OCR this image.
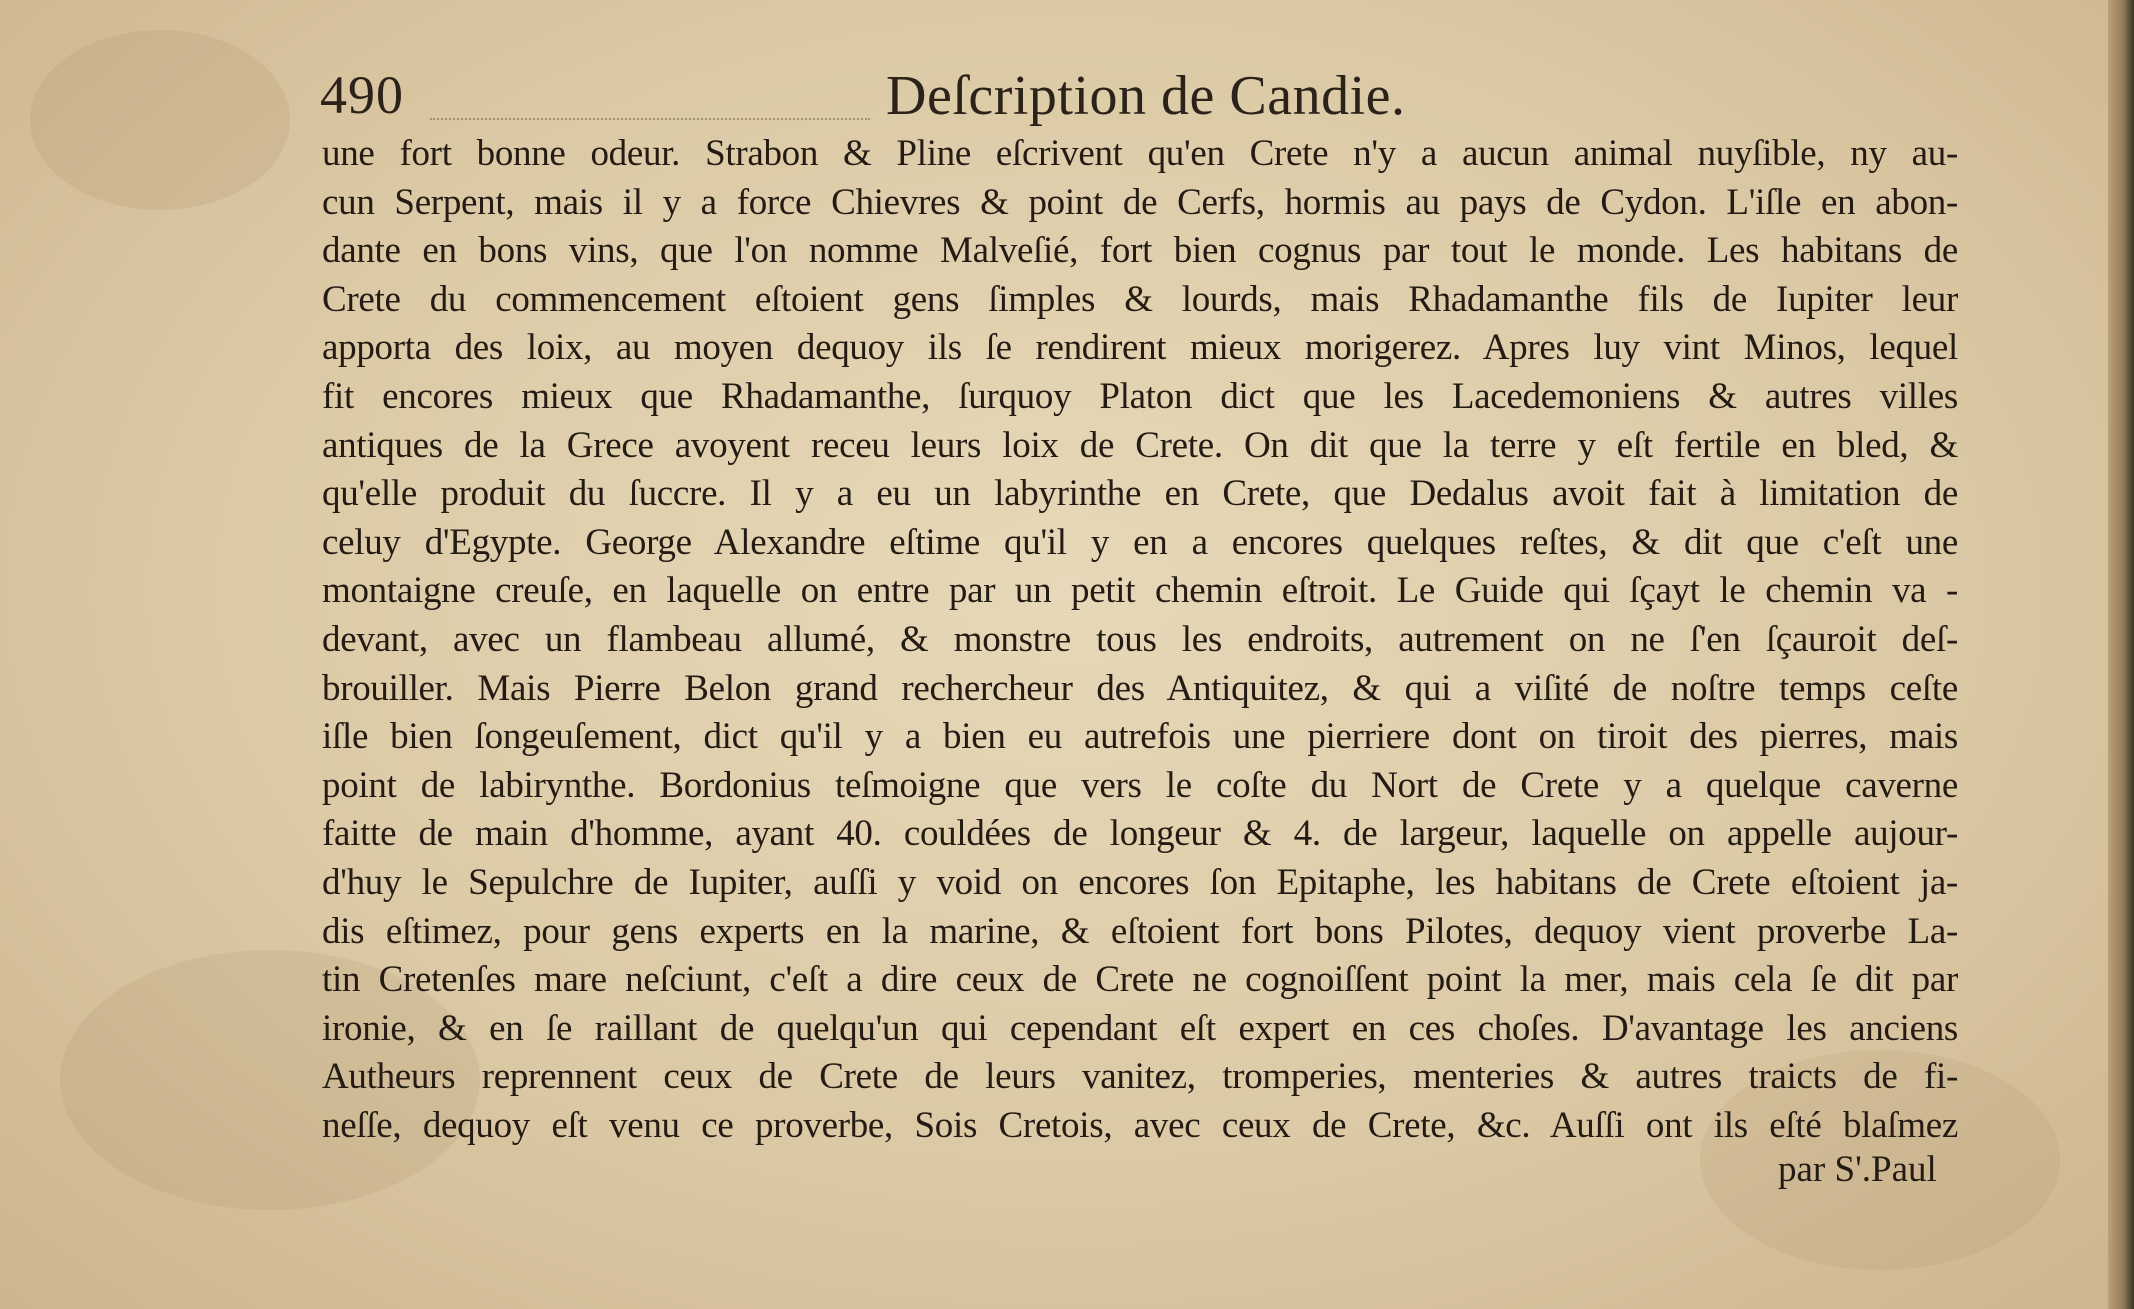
490	Deſcription de Candie.
une fort bonne odeur. Strabon & Pline eſcrivent qu'en Crete n'y a aucun animal nuyſible, ny au-
cun Serpent, mais il y a force Chievres & point de Cerfs, hormis au pays de Cydon. L'iſle en abon-
dante en bons vins, que l'on nomme Malveſié, fort bien cognus par tout le monde. Les habitans de
Crete du commencement eſtoient gens ſimples & lourds, mais Rhadamanthe fils de Iupiter leur
apporta des loix, au moyen dequoy ils ſe rendirent mieux morigerez. Apres luy vint Minos, lequel
fit encores mieux que Rhadamanthe, ſurquoy Platon dict que les Lacedemoniens & autres villes
antiques de la Grece avoyent receu leurs loix de Crete. On dit que la terre y eſt fertile en bled, &
qu'elle produit du ſuccre. Il y a eu un labyrinthe en Crete, que Dedalus avoit fait à limitation de
celuy d'Egypte. George Alexandre eſtime qu'il y en a encores quelques reſtes, & dit que c'eſt une
montaigne creuſe, en laquelle on entre par un petit chemin eſtroit. Le Guide qui ſçayt le chemin va -
devant, avec un flambeau allumé, & monstre tous les endroits, autrement on ne ſ'en ſçauroit deſ-
brouiller. Mais Pierre Belon grand rechercheur des Antiquitez, & qui a viſité de noſtre temps ceſte
iſle bien ſongeuſement, dict qu'il y a bien eu autrefois une pierriere dont on tiroit des pierres, mais
point de labirynthe. Bordonius teſmoigne que vers le coſte du Nort de Crete y a quelque caverne
faitte de main d'homme, ayant 40. couldées de longeur & 4. de largeur, laquelle on appelle aujour-
d'huy le Sepulchre de Iupiter, auſſi y void on encores ſon Epitaphe, les habitans de Crete eſtoient ja-
dis eſtimez, pour gens experts en la marine, & eſtoient fort bons Pilotes, dequoy vient proverbe La-
tin Cretenſes mare neſciunt, c'eſt a dire ceux de Crete ne cognoiſſent point la mer, mais cela ſe dit par
ironie, & en ſe raillant de quelqu'un qui cependant eſt expert en ces choſes. D'avantage les anciens
Autheurs reprennent ceux de Crete de leurs vanitez, tromperies, menteries & autres traicts de fi-
neſſe, dequoy eſt venu ce proverbe, Sois Cretois, avec ceux de Crete, &c. Auſſi ont ils eſté blaſmez
par S'.Paul
